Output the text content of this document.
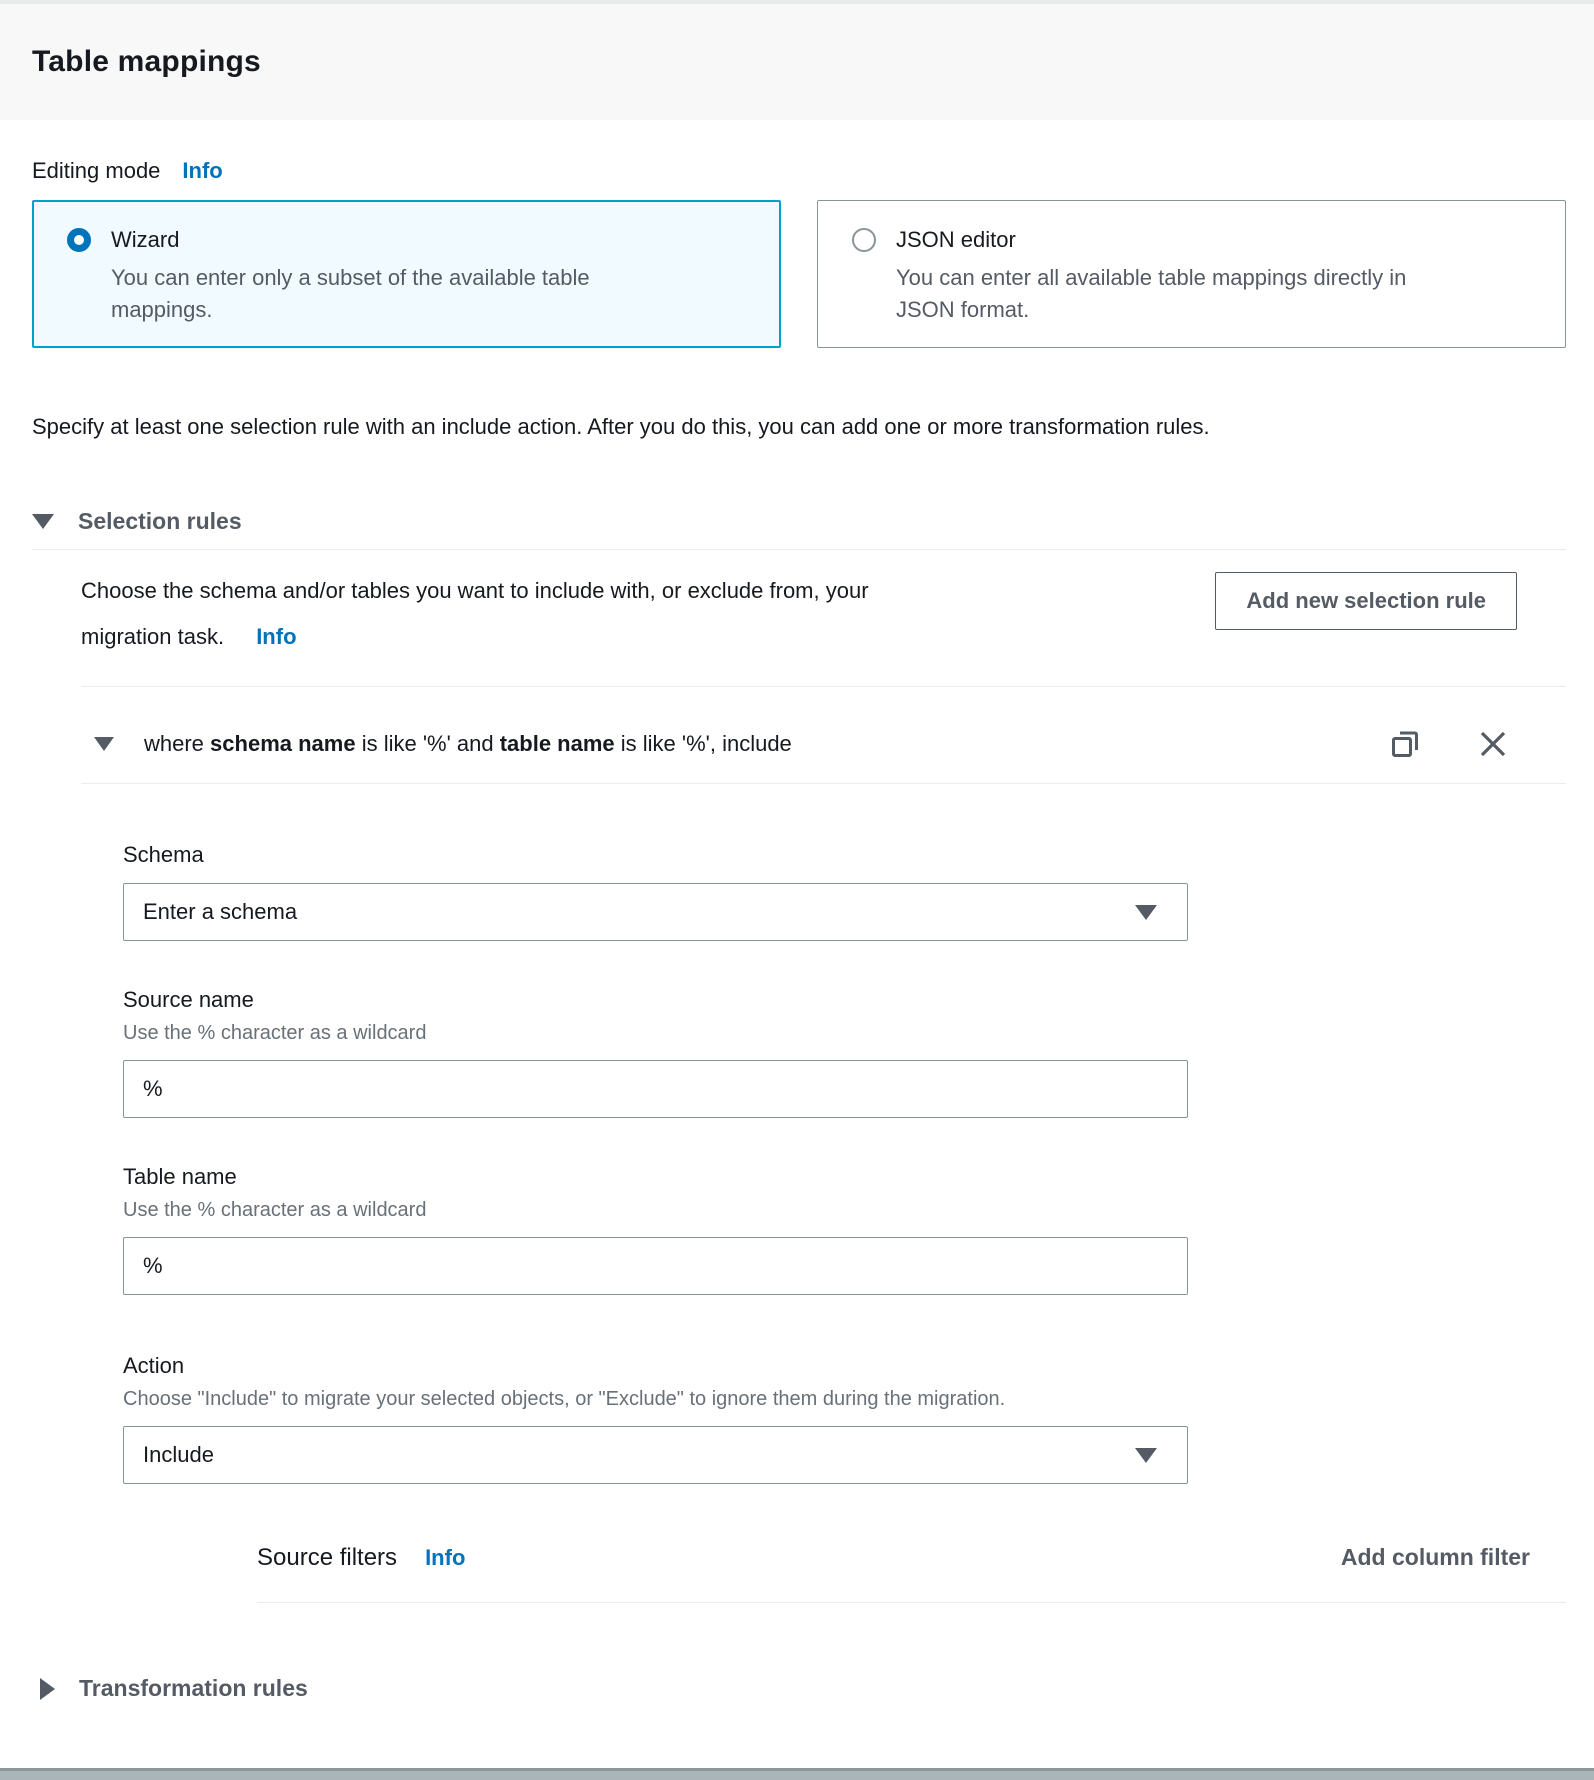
Table mappings
Editing mode Info
Wizard
You can enter only a subset of the available table mappings.
JSON editor
You can enter all available table mappings directly in JSON format.
Specify at least one selection rule with an include action. After you do this, you can add one or more transformation rules.
Selection rules
Choose the schema and/or tables you want to include with, or exclude from, your migration task. Info
Add new selection rule
where schema name is like '%' and table name is like '%', include
Schema
Enter a schema
Source name
Use the % character as a wildcard
%
Table name
Use the % character as a wildcard
%
Action
Choose "Include" to migrate your selected objects, or "Exclude" to ignore them during the migration.
Include
Source filters Info	Add column filter
Transformation rules
